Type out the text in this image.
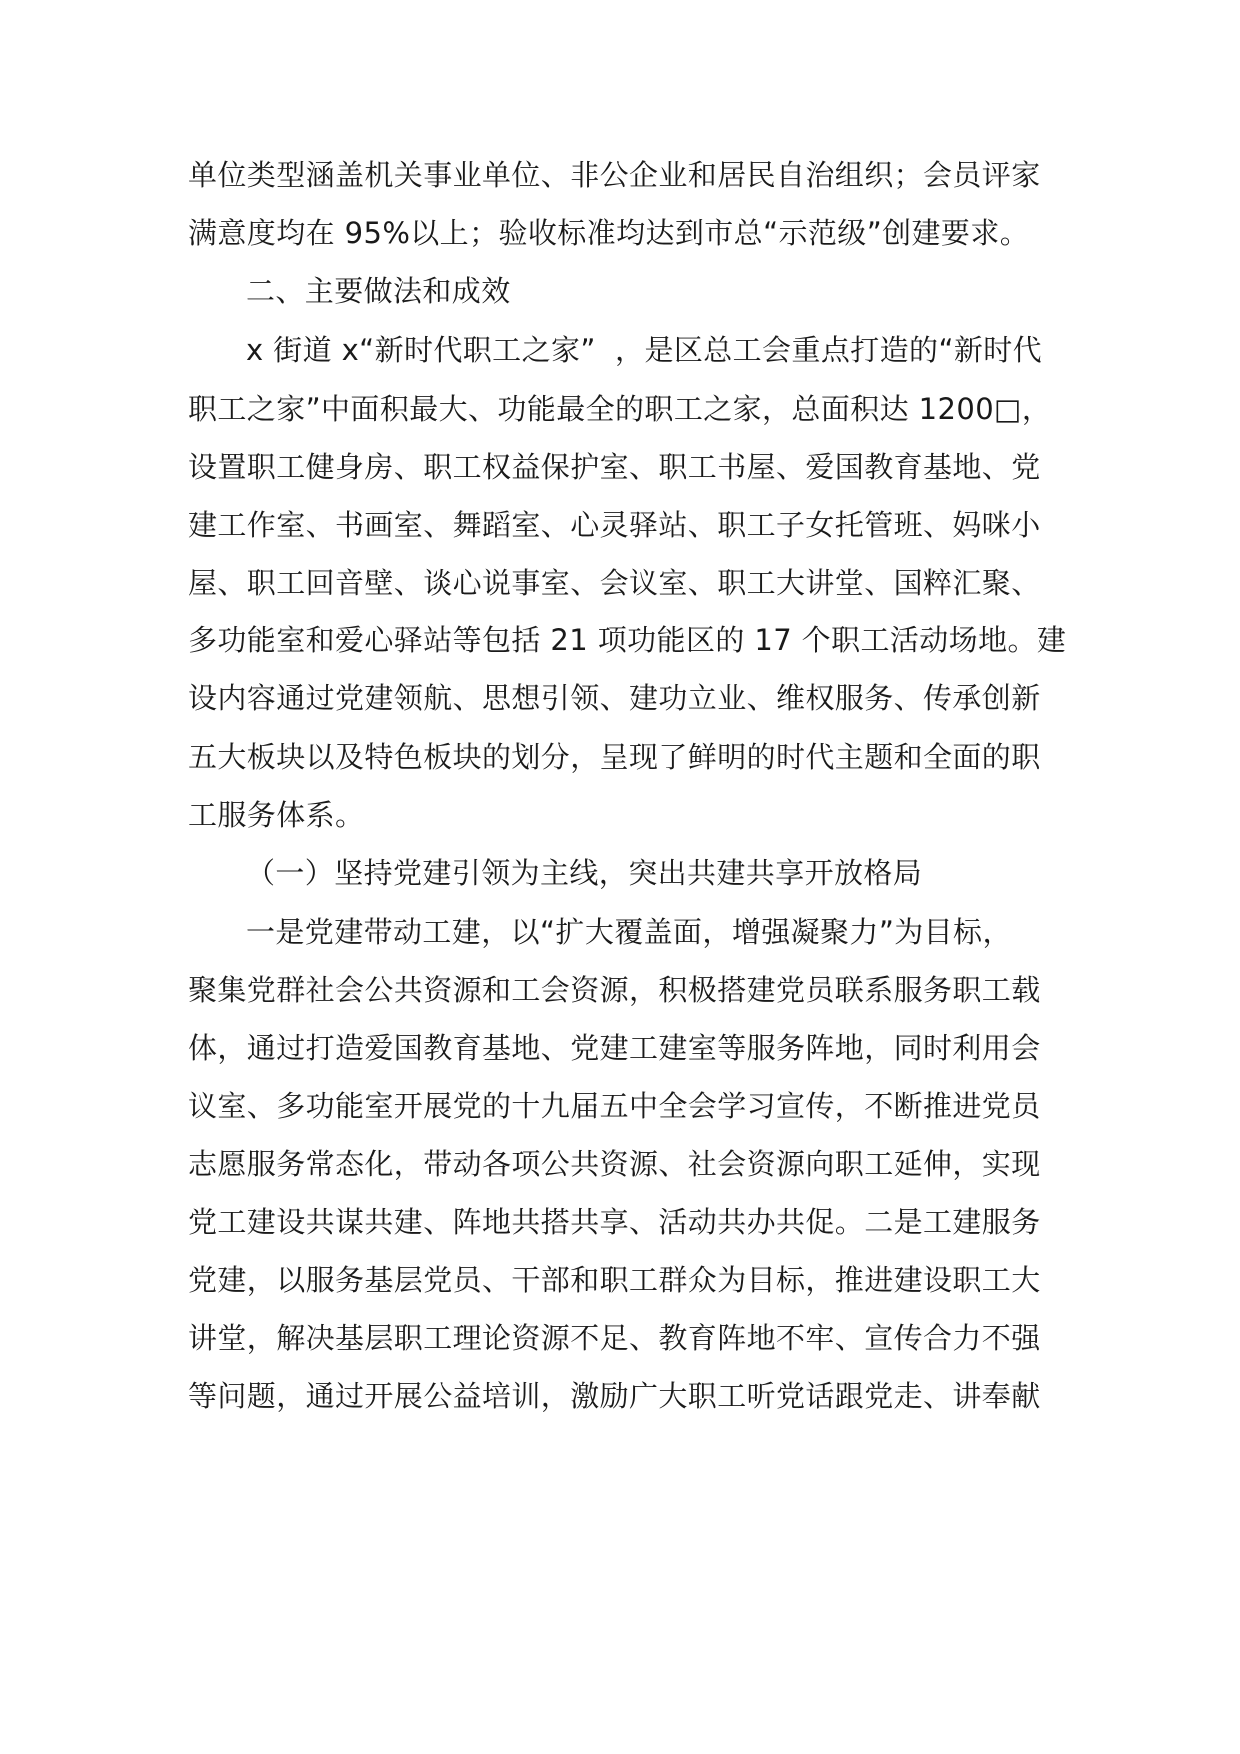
单位类型涵盖机关事业单位、非公企业和居民自治组织；会员评家
满意度均在 95%以上；验收标准均达到市总“示范级”创建要求。
二、主要做法和成效
x 街道 x“新时代职工之家”  ，是区总工会重点打造的“新时代
职工之家”中面积最大、功能最全的职工之家，总面积达 1200□，
设置职工健身房、职工权益保护室、职工书屋、爱国教育基地、党
建工作室、书画室、舞蹈室、心灵驿站、职工子女托管班、妈咪小
屋、职工回音壁、谈心说事室、会议室、职工大讲堂、国粹汇聚、
多功能室和爱心驿站等包括 21 项功能区的 17 个职工活动场地。建
设内容通过党建领航、思想引领、建功立业、维权服务、传承创新
五大板块以及特色板块的划分，呈现了鲜明的时代主题和全面的职
工服务体系。
（一）坚持党建引领为主线，突出共建共享开放格局
一是党建带动工建，以“扩大覆盖面，增强凝聚力”为目标，
聚集党群社会公共资源和工会资源，积极搭建党员联系服务职工载
体，通过打造爱国教育基地、党建工建室等服务阵地，同时利用会
议室、多功能室开展党的十九届五中全会学习宣传，不断推进党员
志愿服务常态化，带动各项公共资源、社会资源向职工延伸，实现
党工建设共谋共建、阵地共搭共享、活动共办共促。二是工建服务
党建，以服务基层党员、干部和职工群众为目标，推进建设职工大
讲堂，解决基层职工理论资源不足、教育阵地不牢、宣传合力不强
等问题，通过开展公益培训，激励广大职工听党话跟党走、讲奉献
